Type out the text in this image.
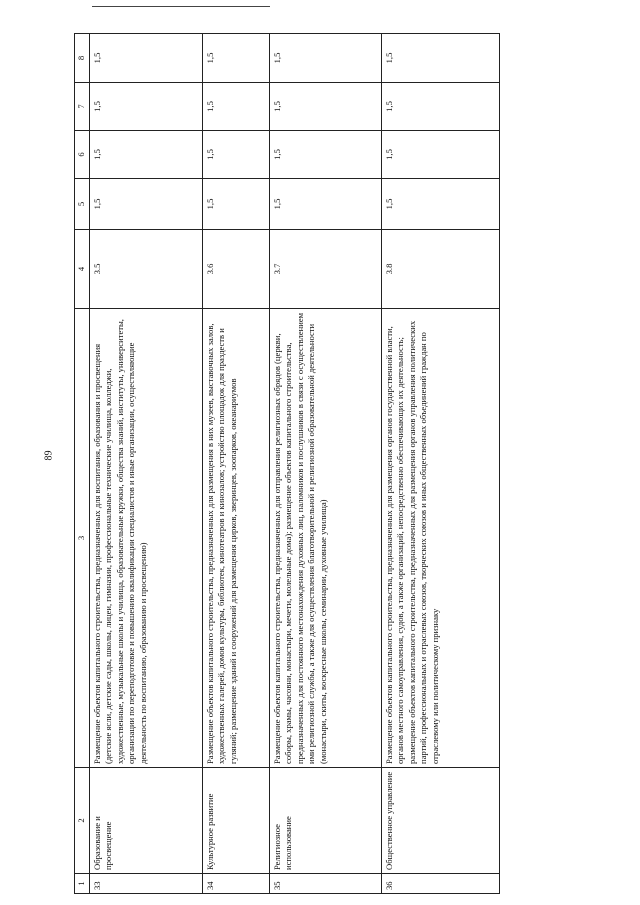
89
1	2	3	4	5	6	7	8
33	Образование и просвещение	Размещение объектов капитального строительства, предназначенных для воспитания, образования и просвещения (детские ясли, детские сады, школы, лицеи, гимназии, профессиональные технические училища, колледжи, художественные, музыкальные школы и училища, образовательные кружки, общества знаний, институты, университеты, организации по переподготовке и повышению квалификации специалистов и иные организации, осуществляющие деятельность по воспитанию, образованию и просвещению)	3.5	1,5	1,5	1,5	1,5
34	Культурное развитие	Размещение объектов капитального строительства, предназначенных для размещения в них музеев, выставочных залов, художественных галерей, домов культуры, библиотек, кинотеатров и кинозалов; устройство площадок для праздеств и гуляний; размещение зданий и сооружений для размещения цирков, зверинцев, зоопарков, океанариумов	3.6	1,5	1,5	1,5	1,5
35	Религиозное использование	Размещение объектов капитального строительства, предназначенных для отправления религиозных обрядов (церкви, соборы, храмы, часовни, монастыри, мечети, молельные дома); размещение объектов капитального строительства, предназначенных для постоянного местонахождения духовных лиц, паломников и послушников в связи с осуществлением ими религиозной службы, а также для осуществления благотворительной и религиозной образовательной деятельности (монастыри, скиты, воскресные школы, семинарии, духовные училища)	3.7	1,5	1,5	1,5	1,5
36	Общественное управление	Размещение объектов капитального строительства, предназначенных для размещения органов государственной власти, органов местного самоуправления, судов, а также организаций, непосредственно обеспечивающих их деятельность; размещение объектов капитального строительства, предназначенных для размещения органов управления политических партий, профессиональных и отраслевых союзов, творческих союзов и иных общественных объединений граждан по отраслевому или политическому признаку	3.8	1,5	1,5	1,5	1,5
